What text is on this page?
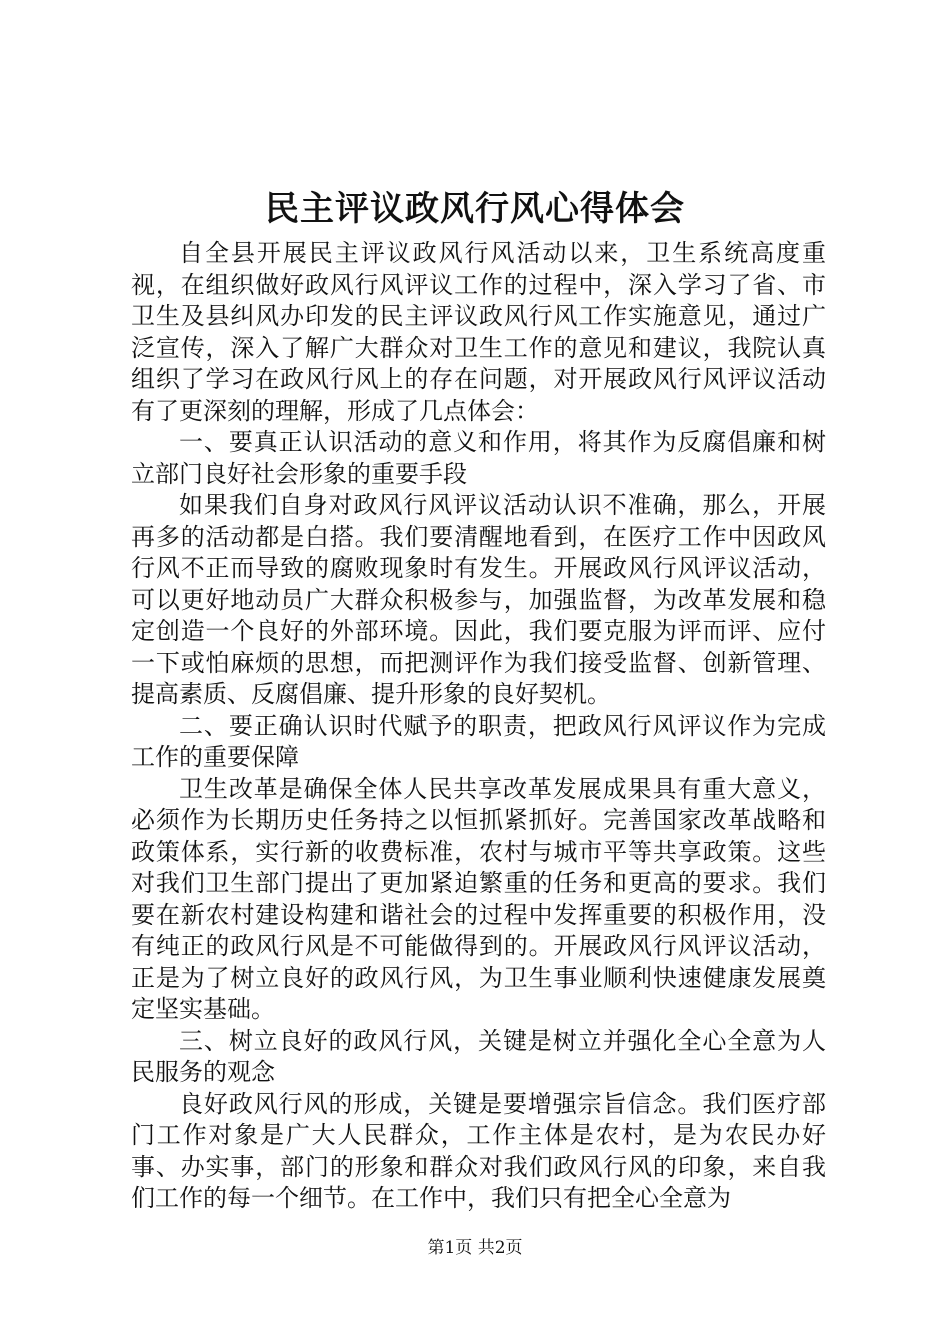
民主评议政风行风心得体会

自全县开展民主评议政风行风活动以来，卫生系统高度重视，在组织做好政风行风评议工作的过程中，深入学习了省、市卫生及县纠风办印发的民主评议政风行风工作实施意见，通过广泛宣传，深入了解广大群众对卫生工作的意见和建议，我院认真组织了学习在政风行风上的存在问题，对开展政风行风评议活动有了更深刻的理解，形成了几点体会：

一、要真正认识活动的意义和作用，将其作为反腐倡廉和树立部门良好社会形象的重要手段

如果我们自身对政风行风评议活动认识不准确，那么，开展再多的活动都是白搭。我们要清醒地看到，在医疗工作中因政风行风不正而导致的腐败现象时有发生。开展政风行风评议活动，可以更好地动员广大群众积极参与，加强监督，为改革发展和稳定创造一个良好的外部环境。因此，我们要克服为评而评、应付一下或怕麻烦的思想，而把测评作为我们接受监督、创新管理、提高素质、反腐倡廉、提升形象的良好契机。

二、要正确认识时代赋予的职责，把政风行风评议作为完成工作的重要保障

卫生改革是确保全体人民共享改革发展成果具有重大意义，必须作为长期历史任务持之以恒抓紧抓好。完善国家改革战略和政策体系，实行新的收费标准，农村与城市平等共享政策。这些对我们卫生部门提出了更加紧迫繁重的任务和更高的要求。我们要在新农村建设构建和谐社会的过程中发挥重要的积极作用，没有纯正的政风行风是不可能做得到的。开展政风行风评议活动，正是为了树立良好的政风行风，为卫生事业顺利快速健康发展奠定坚实基础。

三、树立良好的政风行风，关键是树立并强化全心全意为人民服务的观念

良好政风行风的形成，关键是要增强宗旨信念。我们医疗部门工作对象是广大人民群众，工作主体是农村，是为农民办好事、办实事，部门的形象和群众对我们政风行风的印象，来自我们工作的每一个细节。在工作中，我们只有把全心全意为

第1页 共2页
